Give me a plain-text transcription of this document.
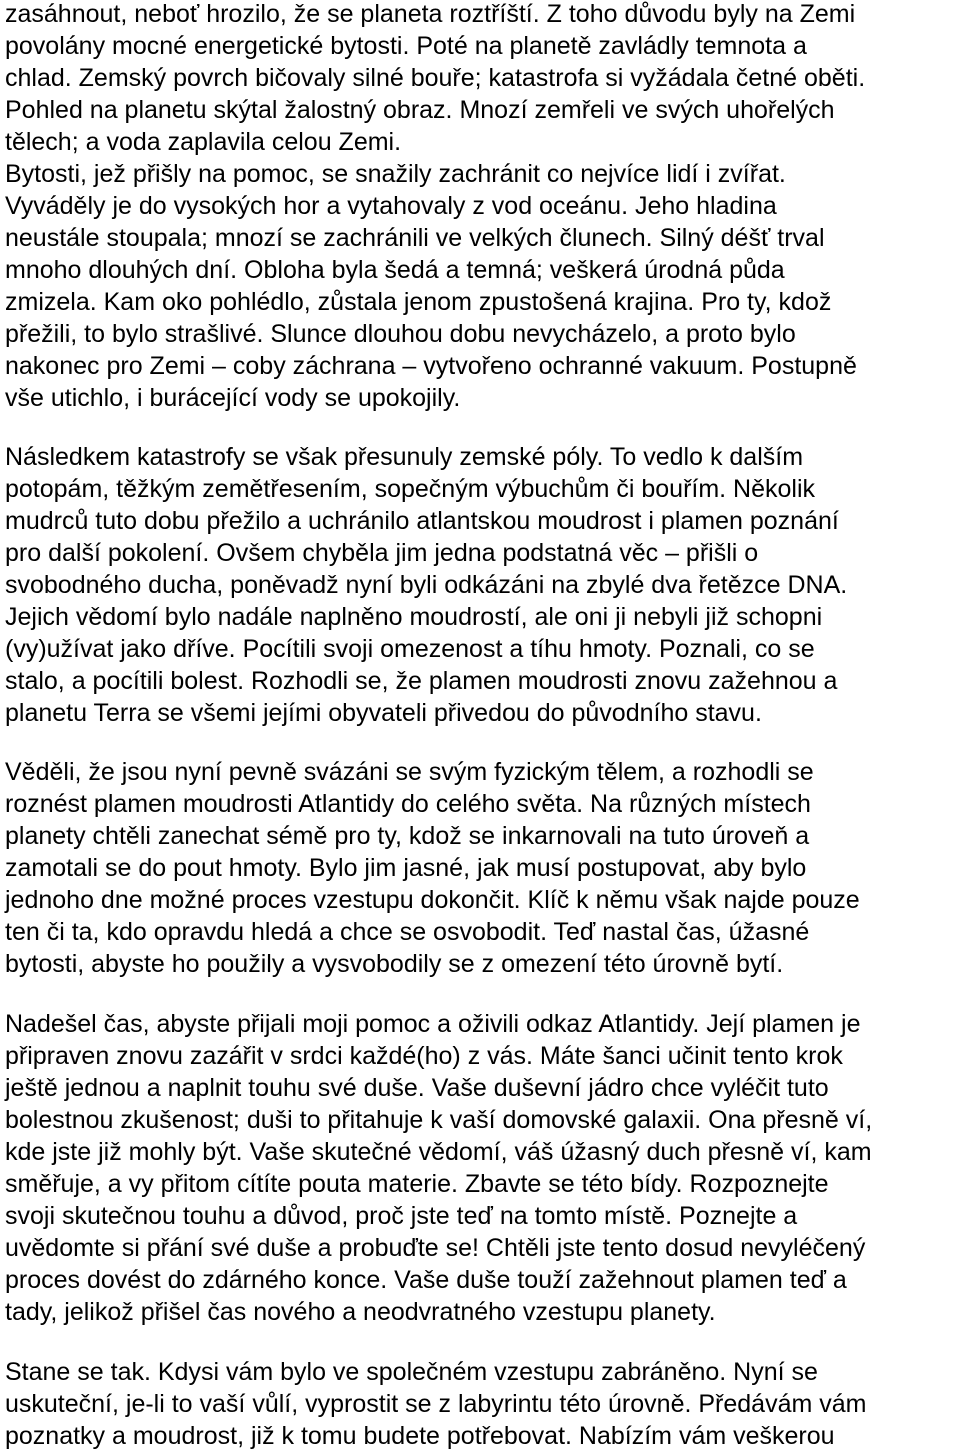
zasáhnout, neboť hrozilo, že se planeta roztříští. Z toho důvodu byly na Zemi

povolány mocné energetické bytosti. Poté na planetě zavládly temnota a

chlad. Zemský povrch bičovaly silné bouře; katastrofa si vyžádala četné oběti.

Pohled na planetu skýtal žalostný obraz. Mnozí zemřeli ve svých uhořelých

tělech; a voda zaplavila celou Zemi.

Bytosti, jež přišly na pomoc, se snažily zachránit co nejvíce lidí i zvířat.

Vyváděly je do vysokých hor a vytahovaly z vod oceánu. Jeho hladina

neustále stoupala; mnozí se zachránili ve velkých člunech. Silný déšť trval

mnoho dlouhých dní. Obloha byla šedá a temná; veškerá úrodná půda

zmizela. Kam oko pohlédlo, zůstala jenom zpustošená krajina. Pro ty, kdož

přežili, to bylo strašlivé. Slunce dlouhou dobu nevycházelo, a proto bylo

nakonec pro Zemi – coby záchrana – vytvořeno ochranné vakuum. Postupně

vše utichlo, i burácející vody se upokojily.

Následkem katastrofy se však přesunuly zemské póly. To vedlo k dalším

potopám, těžkým zemětřesením, sopečným výbuchům či bouřím. Několik

mudrců tuto dobu přežilo a uchránilo atlantskou moudrost i plamen poznání

pro další pokolení. Ovšem chyběla jim jedna podstatná věc – přišli o

svobodného ducha, poněvadž nyní byli odkázáni na zbylé dva řetězce DNA.

Jejich vědomí bylo nadále naplněno moudrostí, ale oni ji nebyli již schopni

(vy)užívat jako dříve. Pocítili svoji omezenost a tíhu hmoty. Poznali, co se

stalo, a pocítili bolest. Rozhodli se, že plamen moudrosti znovu zažehnou a

planetu Terra se všemi jejími obyvateli přivedou do původního stavu.

Věděli, že jsou nyní pevně svázáni se svým fyzickým tělem, a rozhodli se

roznést plamen moudrosti Atlantidy do celého světa. Na různých místech

planety chtěli zanechat sémě pro ty, kdož se inkarnovali na tuto úroveň a

zamotali se do pout hmoty. Bylo jim jasné, jak musí postupovat, aby bylo

jednoho dne možné proces vzestupu dokončit. Klíč k němu však najde pouze

ten či ta, kdo opravdu hledá a chce se osvobodit. Teď nastal čas, úžasné

bytosti, abyste ho použily a vysvobodily se z omezení této úrovně bytí.

Nadešel čas, abyste přijali moji pomoc a oživili odkaz Atlantidy. Její plamen je

připraven znovu zazářit v srdci každé(ho) z vás. Máte šanci učinit tento krok

ještě jednou a naplnit touhu své duše. Vaše duševní jádro chce vyléčit tuto

bolestnou zkušenost; duši to přitahuje k vaší domovské galaxii. Ona přesně ví,

kde jste již mohly být. Vaše skutečné vědomí, váš úžasný duch přesně ví, kam

směřuje, a vy přitom cítíte pouta materie. Zbavte se této bídy. Rozpoznejte

svoji skutečnou touhu a důvod, proč jste teď na tomto místě. Poznejte a

uvědomte si přání své duše a probuďte se! Chtěli jste tento dosud nevyléčený

proces dovést do zdárného konce. Vaše duše touží zažehnout plamen teď a

tady, jelikož přišel čas nového a neodvratného vzestupu planety.

Stane se tak. Kdysi vám bylo ve společném vzestupu zabráněno. Nyní se

uskuteční, je-li to vaší vůlí, vyprostit se z labyrintu této úrovně. Předávám vám

poznatky a moudrost, již k tomu budete potřebovat. Nabízím vám veškerou
